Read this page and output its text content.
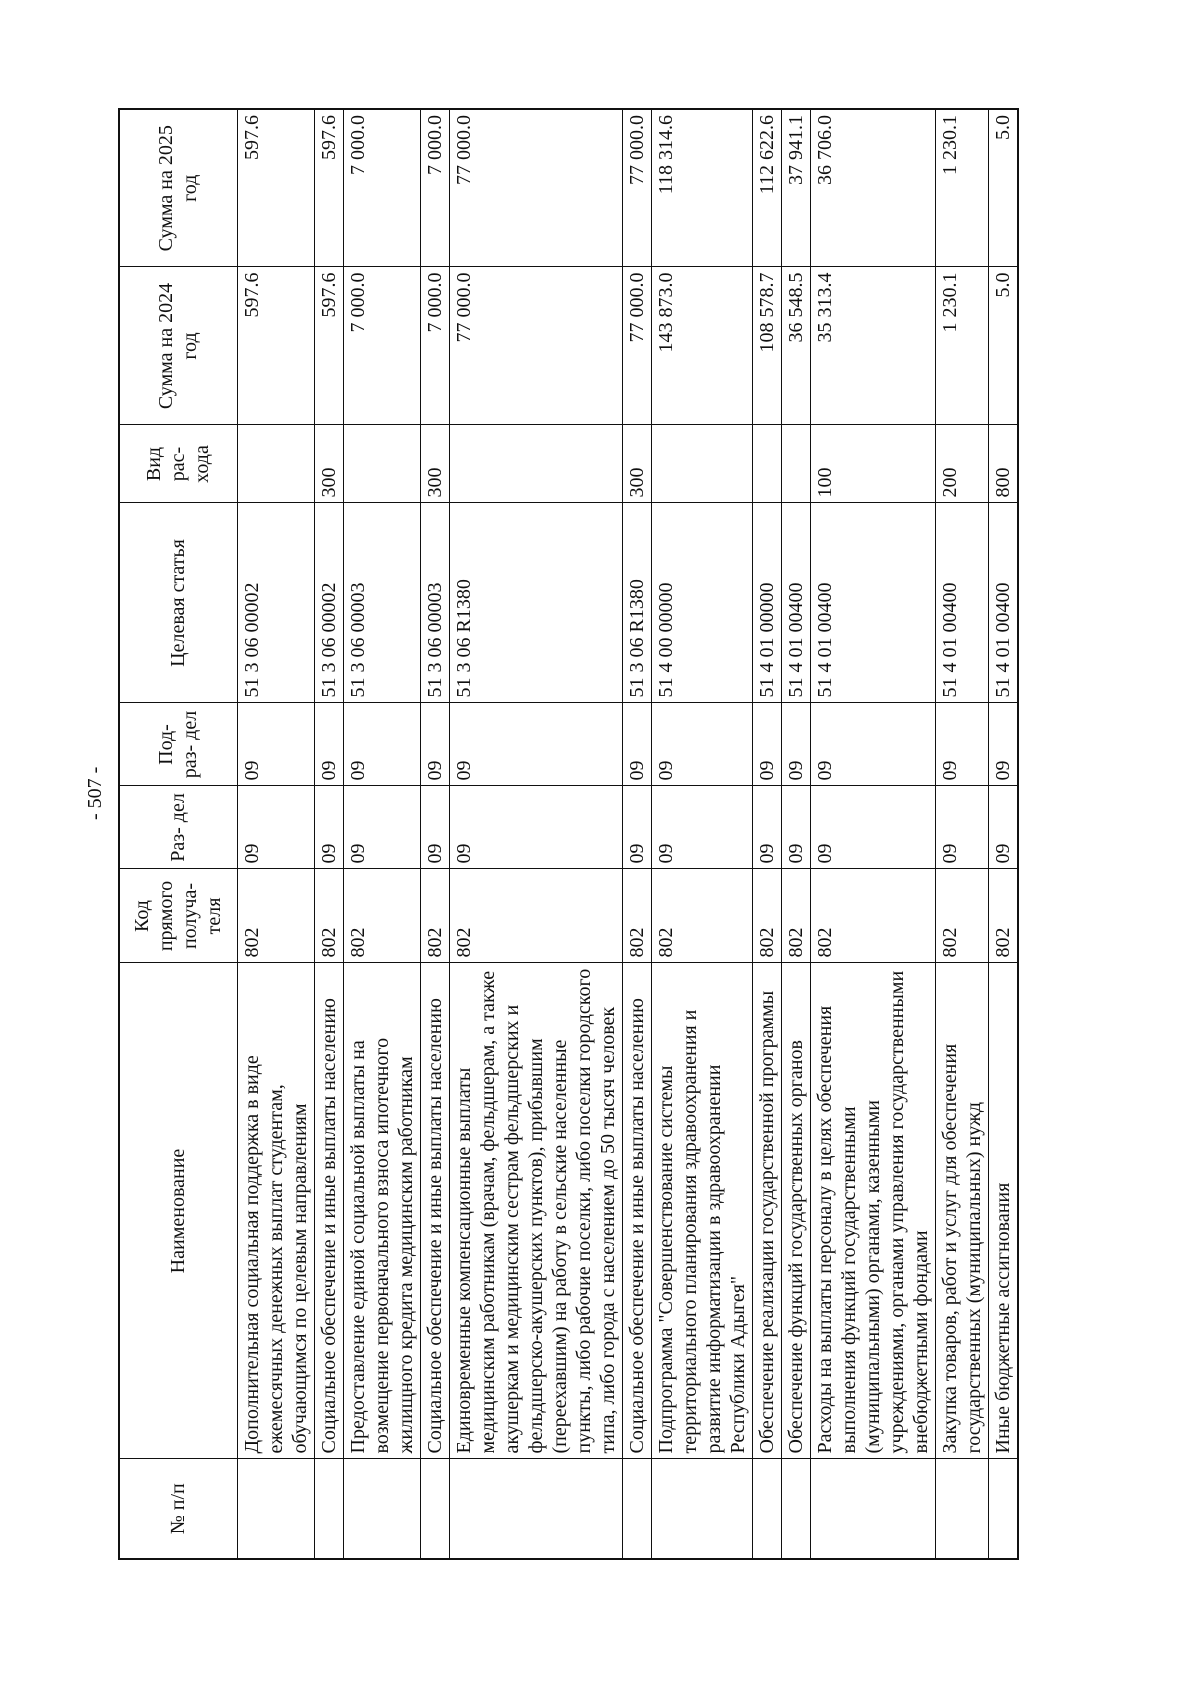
- 507 -
№ п/п	Наименование	Код прямого получа- теля	Раз- дел	Под- раз- дел	Целевая статья	Вид рас- хода	Сумма на 2024 год	Сумма на 2025 год
	Дополнительная социальная поддержка в виде ежемесячных денежных выплат студентам, обучающимся по целевым направлениям	802	09	09	51 3 06 00002		597.6	597.6
	Социальное обеспечение и иные выплаты населению	802	09	09	51 3 06 00002	300	597.6	597.6
	Предоставление единой социальной выплаты на возмещение первоначального взноса ипотечного жилищного кредита медицинским работникам	802	09	09	51 3 06 00003		7 000.0	7 000.0
	Социальное обеспечение и иные выплаты населению	802	09	09	51 3 06 00003	300	7 000.0	7 000.0
	Единовременные компенсационные выплаты медицинским работникам (врачам, фельдшерам, а также акушеркам и медицинским сестрам фельдшерских и фельдшерско-акушерских пунктов), прибывшим (переехавшим) на работу в сельские населенные пункты, либо рабочие поселки, либо поселки городского типа, либо города с населением до 50 тысяч человек	802	09	09	51 3 06 R1380		77 000.0	77 000.0
	Социальное обеспечение и иные выплаты населению	802	09	09	51 3 06 R1380	300	77 000.0	77 000.0
	Подпрограмма "Совершенствование системы территориального планирования здравоохранения и развитие информатизации в здравоохранении Республики Адыгея"	802	09	09	51 4 00 00000		143 873.0	118 314.6
	Обеспечение реализации государственной программы	802	09	09	51 4 01 00000		108 578.7	112 622.6
	Обеспечение функций государственных органов	802	09	09	51 4 01 00400		36 548.5	37 941.1
	Расходы на выплаты персоналу в целях обеспечения выполнения функций государственными (муниципальными) органами, казенными учреждениями, органами управления государственными внебюджетными фондами	802	09	09	51 4 01 00400	100	35 313.4	36 706.0
	Закупка товаров, работ и услуг для обеспечения государственных (муниципальных) нужд	802	09	09	51 4 01 00400	200	1 230.1	1 230.1
	Иные бюджетные ассигнования	802	09	09	51 4 01 00400	800	5.0	5.0
